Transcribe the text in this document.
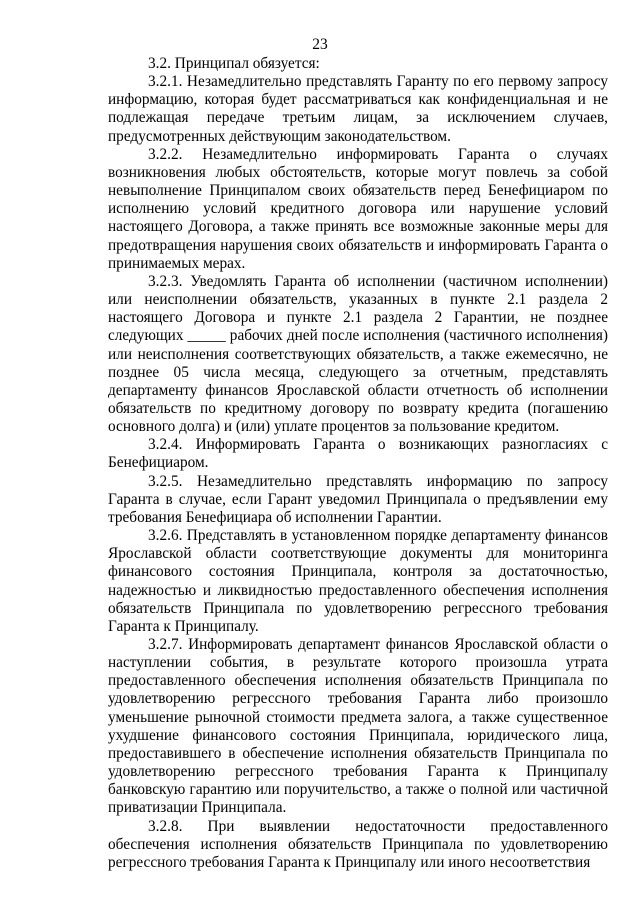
23

3.2. Принципал обязуется:

3.2.1. Незамедлительно представлять Гаранту по его первому запросу информацию, которая будет рассматриваться как конфиденциальная и не подлежащая передаче третьим лицам, за исключением случаев, предусмотренных действующим законодательством.

3.2.2. Незамедлительно информировать Гаранта о случаях возникновения любых обстоятельств, которые могут повлечь за собой невыполнение Принципалом своих обязательств перед Бенефициаром по исполнению условий кредитного договора или нарушение условий настоящего Договора, а также принять все возможные законные меры для предотвращения нарушения своих обязательств и информировать Гаранта о принимаемых мерах.

3.2.3. Уведомлять Гаранта об исполнении (частичном исполнении) или неисполнении обязательств, указанных в пункте 2.1 раздела 2 настоящего Договора и пункте 2.1 раздела 2 Гарантии, не позднее следующих _____ рабочих дней после исполнения (частичного исполнения) или неисполнения соответствующих обязательств, а также ежемесячно, не позднее 05 числа месяца, следующего за отчетным, представлять департаменту финансов Ярославской области отчетность об исполнении обязательств по кредитному договору по возврату кредита (погашению основного долга) и (или) уплате процентов за пользование кредитом.

3.2.4. Информировать Гаранта о возникающих разногласиях с Бенефициаром.

3.2.5. Незамедлительно представлять информацию по запросу Гаранта в случае, если Гарант уведомил Принципала о предъявлении ему требования Бенефициара об исполнении Гарантии.

3.2.6. Представлять в установленном порядке департаменту финансов Ярославской области соответствующие документы для мониторинга финансового состояния Принципала, контроля за достаточностью, надежностью и ликвидностью предоставленного обеспечения исполнения обязательств Принципала по удовлетворению регрессного требования Гаранта к Принципалу.

3.2.7. Информировать департамент финансов Ярославской области о наступлении события, в результате которого произошла утрата предоставленного обеспечения исполнения обязательств Принципала по удовлетворению регрессного требования Гаранта либо произошло уменьшение рыночной стоимости предмета залога, а также существенное ухудшение финансового состояния Принципала, юридического лица, предоставившего в обеспечение исполнения обязательств Принципала по удовлетворению регрессного требования Гаранта к Принципалу банковскую гарантию или поручительство, а также о полной или частичной приватизации Принципала.

3.2.8. При выявлении недостаточности предоставленного обеспечения исполнения обязательств Принципала по удовлетворению регрессного требования Гаранта к Принципалу или иного несоответствия
